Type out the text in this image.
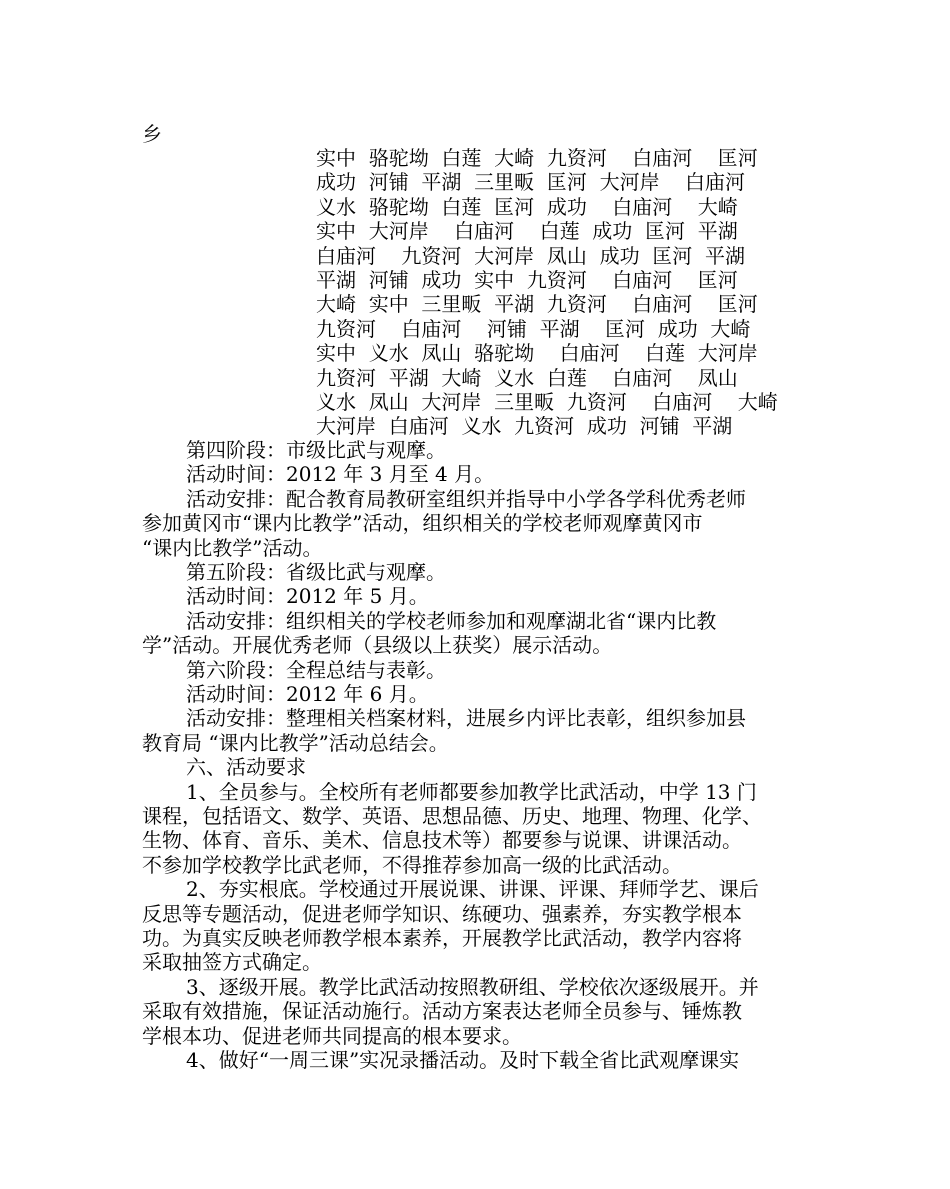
乡
实中  骆驼坳  白莲  大崎  九资河    白庙河    匡河
成功  河铺  平湖  三里畈  匡河  大河岸    白庙河
义水  骆驼坳  白莲  匡河  成功    白庙河    大崎
实中  大河岸    白庙河    白莲  成功  匡河  平湖
白庙河    九资河  大河岸  凤山  成功  匡河  平湖
平湖  河铺  成功  实中  九资河    白庙河    匡河
大崎  实中  三里畈  平湖  九资河    白庙河    匡河
九资河    白庙河    河铺  平湖    匡河  成功  大崎
实中  义水  凤山  骆驼坳    白庙河    白莲  大河岸
九资河  平湖  大崎  义水  白莲    白庙河    凤山
义水  凤山  大河岸  三里畈  九资河    白庙河    大崎
大河岸  白庙河  义水  九资河  成功  河铺  平湖
第四阶段：市级比武与观摩。
活动时间：2012 年 3 月至 4 月。
活动安排：配合教育局教研室组织并指导中小学各学科优秀老师
参加黄冈市“课内比教学”活动，组织相关的学校老师观摩黄冈市
“课内比教学”活动。
第五阶段：省级比武与观摩。
活动时间：2012 年 5 月。
活动安排：组织相关的学校老师参加和观摩湖北省“课内比教
学”活动。开展优秀老师（县级以上获奖）展示活动。
第六阶段：全程总结与表彰。
活动时间：2012 年 6 月。
活动安排：整理相关档案材料，进展乡内评比表彰，组织参加县
教育局 “课内比教学”活动总结会。
六、活动要求
1、全员参与。全校所有老师都要参加教学比武活动，中学 13 门
课程，包括语文、数学、英语、思想品德、历史、地理、物理、化学、
生物、体育、音乐、美术、信息技术等）都要参与说课、讲课活动。
不参加学校教学比武老师，不得推荐参加高一级的比武活动。
2、夯实根底。学校通过开展说课、讲课、评课、拜师学艺、课后
反思等专题活动，促进老师学知识、练硬功、强素养，夯实教学根本
功。为真实反映老师教学根本素养，开展教学比武活动，教学内容将
采取抽签方式确定。
3、逐级开展。教学比武活动按照教研组、学校依次逐级展开。并
采取有效措施，保证活动施行。活动方案表达老师全员参与、锤炼教
学根本功、促进老师共同提高的根本要求。
4、做好“一周三课”实况录播活动。及时下载全省比武观摩课实
